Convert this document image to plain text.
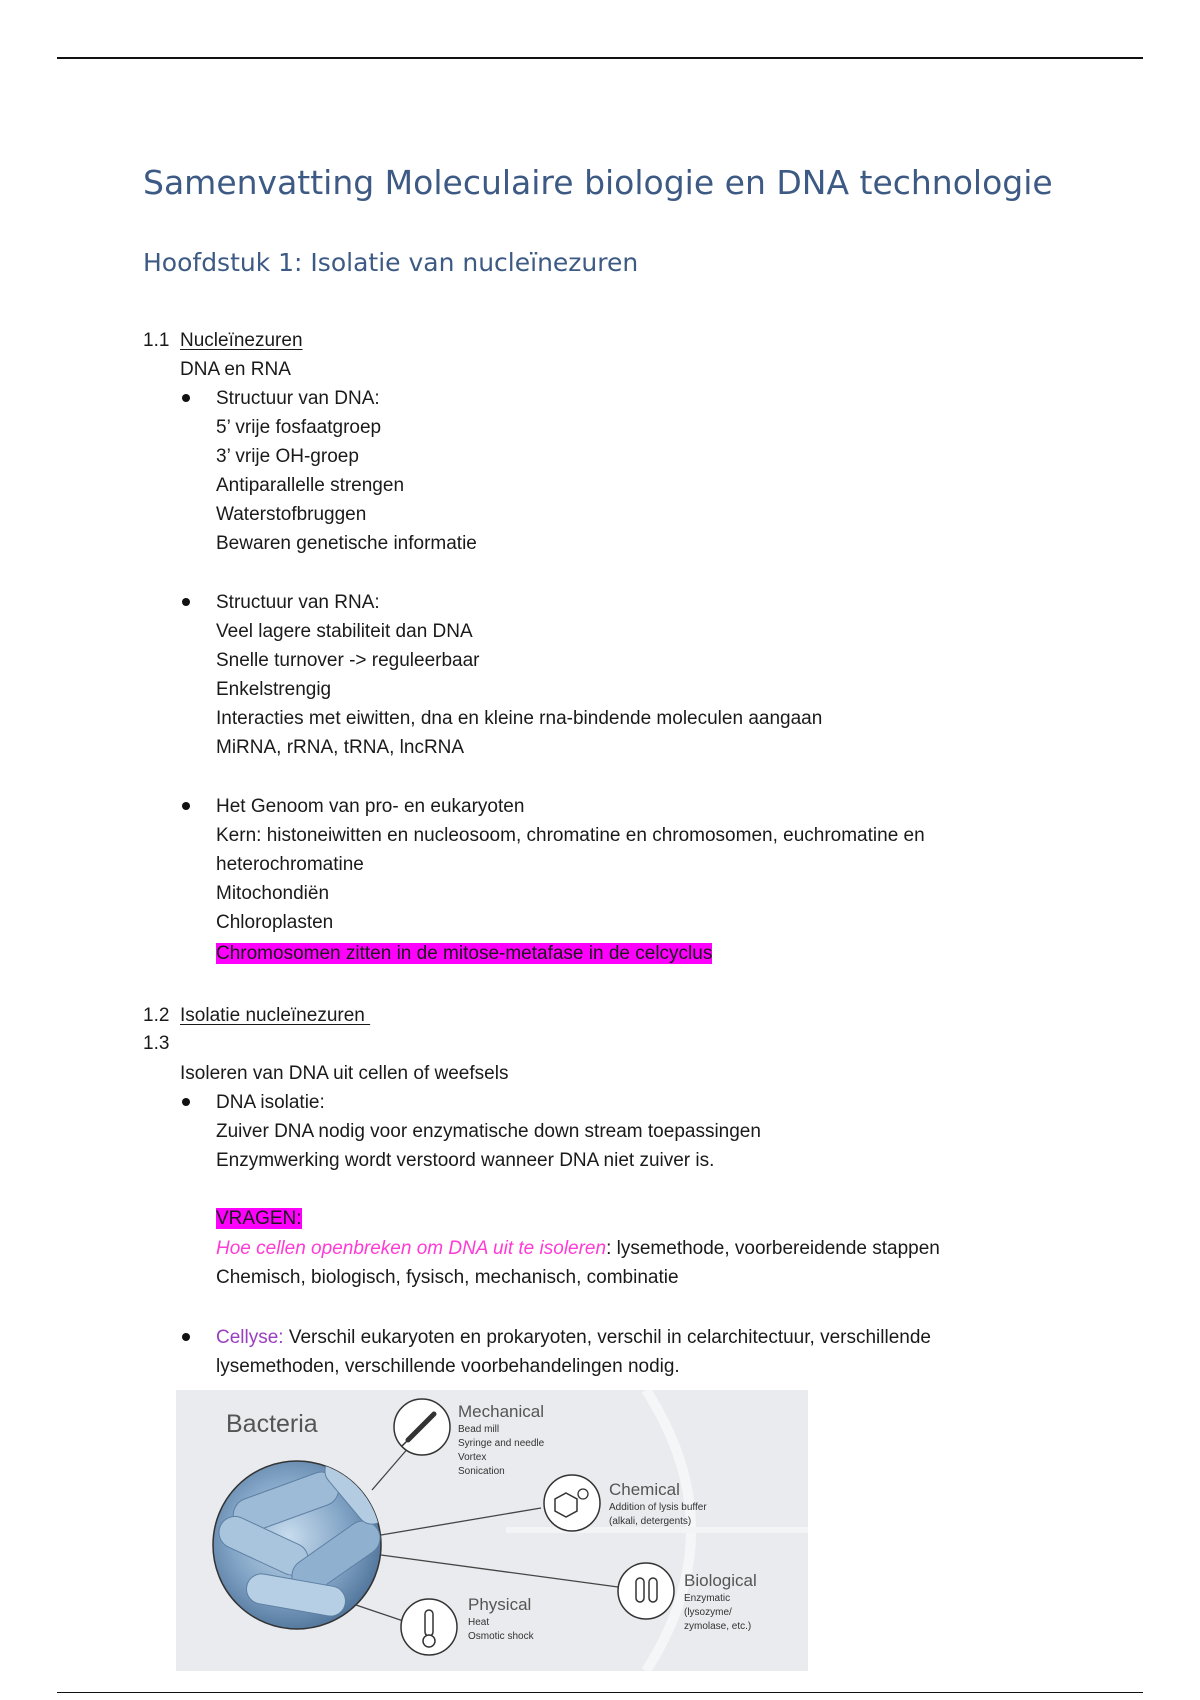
Samenvatting Moleculaire biologie en DNA technologie
Hoofdstuk 1: Isolatie van nucleïnezuren
1.1 Nucleïnezuren
DNA en RNA
Structuur van DNA:
5’ vrije fosfaatgroep
3’ vrije OH-groep
Antiparallelle strengen
Waterstofbruggen
Bewaren genetische informatie
Structuur van RNA:
Veel lagere stabiliteit dan DNA
Snelle turnover -> reguleerbaar
Enkelstrengig
Interacties met eiwitten, dna en kleine rna-bindende moleculen aangaan
MiRNA, rRNA, tRNA, lncRNA
Het Genoom van pro- en eukaryoten
Kern: histoneiwitten en nucleosoom, chromatine en chromosomen, euchromatine en
heterochromatine
Mitochondiën
Chloroplasten
Chromosomen zitten in de mitose-metafase in de celcyclus
1.2 Isolatie nucleïnezuren
1.3
Isoleren van DNA uit cellen of weefsels
DNA isolatie:
Zuiver DNA nodig voor enzymatische down stream toepassingen
Enzymwerking wordt verstoord wanneer DNA niet zuiver is.
VRAGEN:
Hoe cellen openbreken om DNA uit te isoleren: lysemethode, voorbereidende stappen
Chemisch, biologisch, fysisch, mechanisch, combinatie
Cellyse: Verschil eukaryoten en prokaryoten, verschil in celarchitectuur, verschillende
lysemethoden, verschillende voorbehandelingen nodig.
Bacteria	Mechanical
Bead mill
Syringe and needle
Vortex
Sonication
Chemical
Addition of lysis buffer
(alkali, detergents)
Biological
Enzymatic
(lysozyme/
zymolase, etc.)
Physical
Heat
Osmotic shock
